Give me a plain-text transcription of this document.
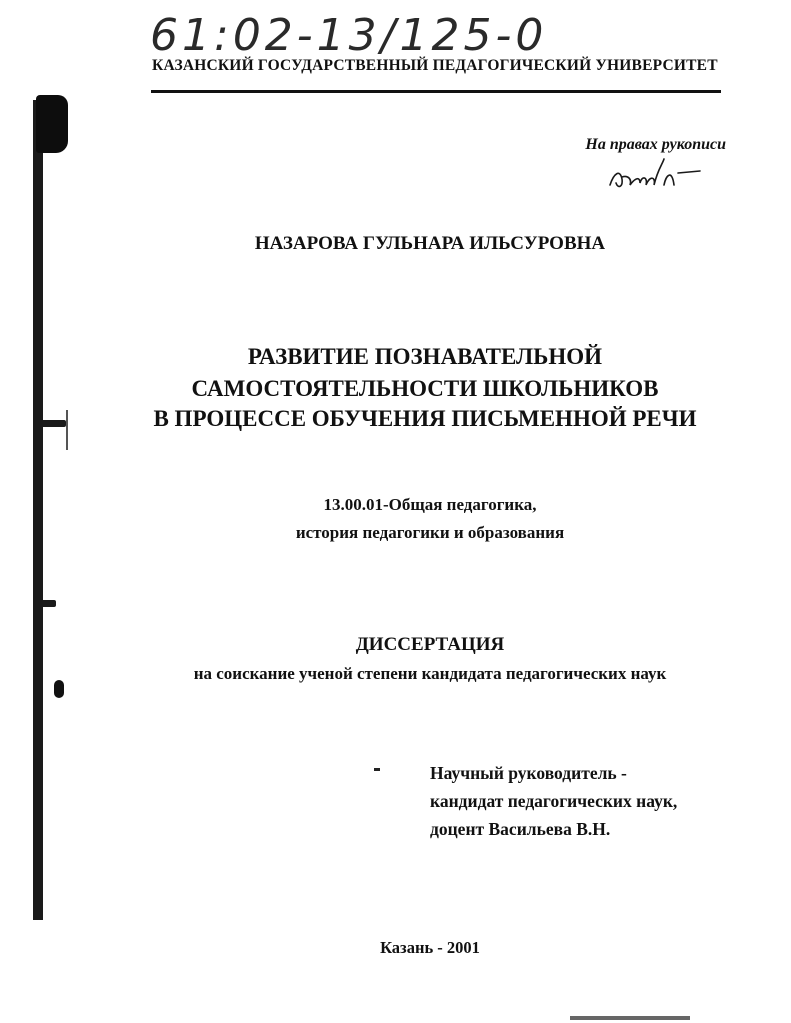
61:02-13/125-0
КАЗАНСКИЙ ГОСУДАРСТВЕННЫЙ ПЕДАГОГИЧЕСКИЙ УНИВЕРСИТЕТ
На правах рукописи
НАЗАРОВА ГУЛЬНАРА ИЛЬСУРОВНА
РАЗВИТИЕ ПОЗНАВАТЕЛЬНОЙ
САМОСТОЯТЕЛЬНОСТИ ШКОЛЬНИКОВ
В ПРОЦЕССЕ ОБУЧЕНИЯ ПИСЬМЕННОЙ РЕЧИ
13.00.01-Общая педагогика,
история педагогики и образования
ДИССЕРТАЦИЯ
на соискание ученой степени кандидата педагогических наук
Научный руководитель -
кандидат педагогических наук,
доцент Васильева В.Н.
Казань - 2001
